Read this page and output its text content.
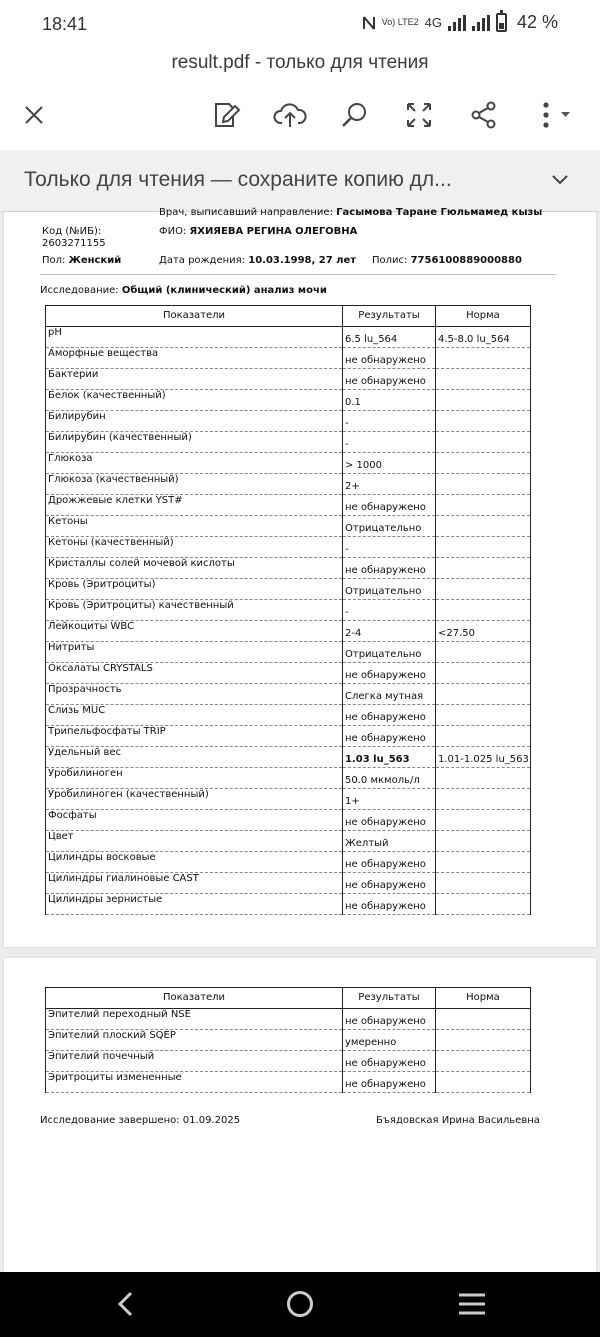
18:41	Vo) LTE2 4G	42 %
result.pdf - только для чтения
Только для чтения — сохраните копию дл...
Врач, выписавший направление: Гасымова Таране Гюльмамед кызы
Код (№ИБ):
2603271155
ФИО: ЯХИЯЕВА РЕГИНА ОЛЕГОВНА
Пол: Женский	Дата рождения: 10.03.1998, 27 лет Полис: 7756100889000880
Исследование: Общий (клинический) анализ мочи
Показатели	Результаты	Норма
pH	6.5 lu_564	4.5-8.0 lu_564
Аморфные вещества	не обнаружено	
Бактерии	не обнаружено	
Белок (качественный)	0.1	
Билирубин	-	
Билирубин (качественный)	-	
Глюкоза	> 1000	
Глюкоза (качественный)	2+	
Дрожжевые клетки YST#	не обнаружено	
Кетоны	Отрицательно	
Кетоны (качественный)	-	
Кристаллы солей мочевой кислоты	не обнаружено	
Кровь (Эритроциты)	Отрицательно	
Кровь (Эритроциты) качественный	-	
Лейкоциты WBC	2-4	<27.50
Нитриты	Отрицательно	
Оксалаты CRYSTALS	не обнаружено	
Прозрачность	Слегка мутная	
Слизь MUC	не обнаружено	
Трипельфосфаты TRIP	не обнаружено	
Удельный вес	1.03 lu_563	1.01-1.025 lu_563
Уробилиноген	50.0 мкмоль/л	
Уробилиноген (качественный)	1+	
Фосфаты	не обнаружено	
Цвет	Желтый	
Цилиндры восковые	не обнаружено	
Цилиндры гиалиновые CAST	не обнаружено	
Цилиндры зернистые	не обнаружено	
Показатели	Результаты	Норма
Эпителий переходный NSE	не обнаружено	
Эпителий плоский SQEP	умеренно	
Эпителий почечный	не обнаружено	
Эритроциты измененные	не обнаружено	
Исследование завершено: 01.09.2025	Бъядовская Ирина Васильевна
